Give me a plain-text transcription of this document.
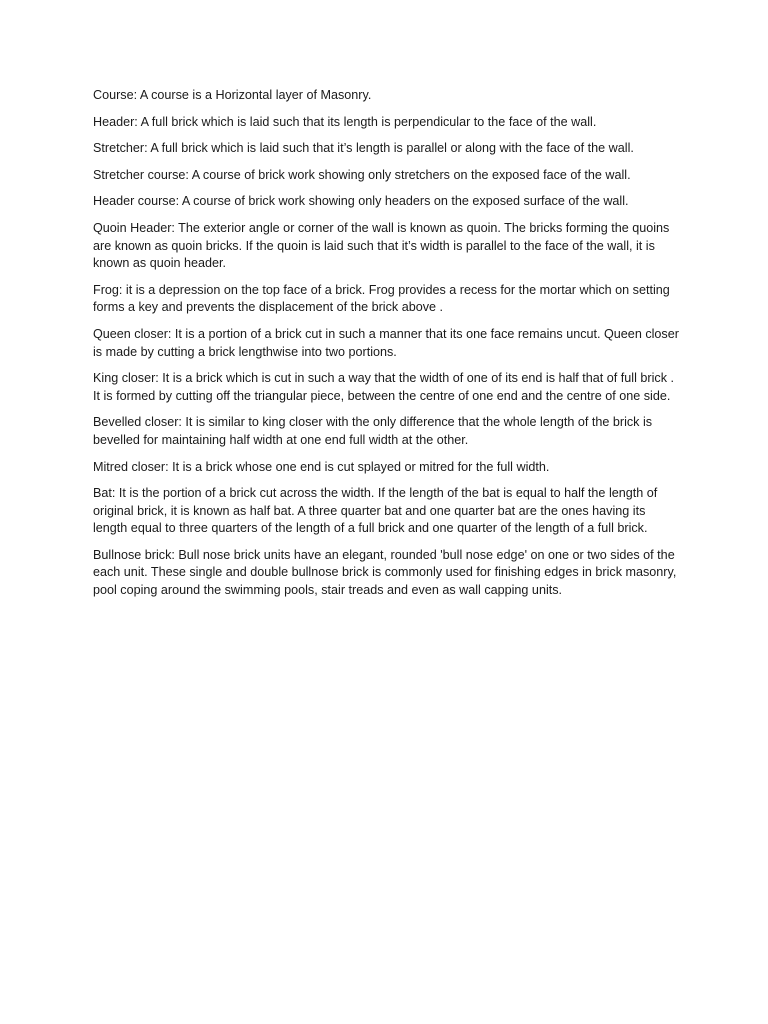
Course: A course is a Horizontal layer of Masonry.

Header: A full brick which is laid such that its length is perpendicular to the face of the wall.

Stretcher: A full brick which is laid such that it’s length is parallel or along with the face of the wall.

Stretcher course: A course of brick work showing only stretchers on the exposed face of the wall.

Header course: A course of brick work showing only headers on the exposed surface of the wall.

Quoin Header: The exterior angle or corner of the wall is known as quoin. The bricks forming the quoins are known as quoin bricks. If the quoin is laid such that it’s width is parallel to the face of the wall, it is known as quoin header.

Frog: it is a depression on the top face of a brick. Frog provides a recess for the mortar which on setting forms a key and prevents the displacement of the brick above .

Queen closer: It is a portion of a brick cut in such a manner that its one face remains uncut. Queen closer is made by cutting a brick lengthwise into two portions.

King closer: It is a brick which is cut in such a way that the width of one of its end is half that of full brick . It is formed by cutting off the triangular piece, between the centre of one end and the centre of one side.

Bevelled closer: It is similar to king closer with the only difference that the whole length of the brick is bevelled for maintaining half width at one end full width at the other.

Mitred closer: It is a brick whose one end is cut splayed or mitred for the full width.

Bat: It is the portion of a brick cut across the width. If the length of the bat is equal to half the length of original brick, it is known as half bat. A three quarter bat and one quarter bat are the ones having its length equal to three quarters of the length of a full brick and one quarter of the length of a full brick.

Bullnose brick: Bull nose brick units have an elegant, rounded 'bull nose edge' on one or two sides of the each unit. These single and double bullnose brick is commonly used for finishing edges in brick masonry, pool coping around the swimming pools, stair treads and even as wall capping units.
